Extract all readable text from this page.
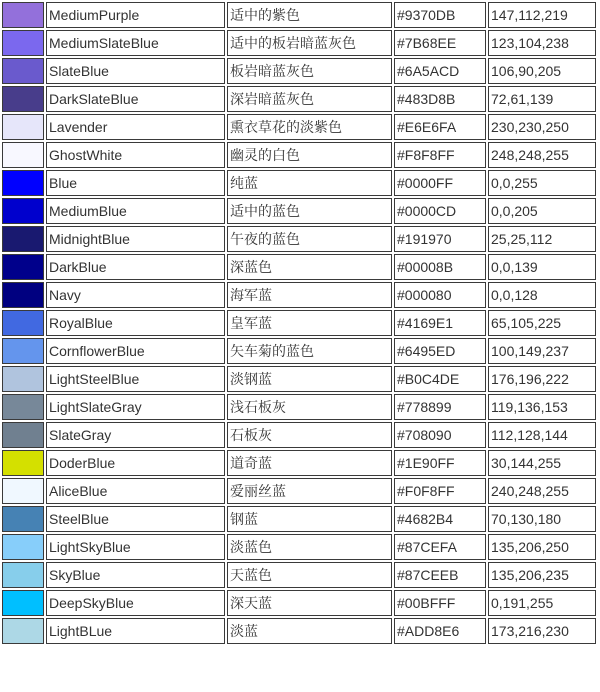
	MediumPurple	适中的紫色	#9370DB	147,112,219
	MediumSlateBlue	适中的板岩暗蓝灰色	#7B68EE	123,104,238
	SlateBlue	板岩暗蓝灰色	#6A5ACD	106,90,205
	DarkSlateBlue	深岩暗蓝灰色	#483D8B	72,61,139
	Lavender	熏衣草花的淡紫色	#E6E6FA	230,230,250
	GhostWhite	幽灵的白色	#F8F8FF	248,248,255
	Blue	纯蓝	#0000FF	0,0,255
	MediumBlue	适中的蓝色	#0000CD	0,0,205
	MidnightBlue	午夜的蓝色	#191970	25,25,112
	DarkBlue	深蓝色	#00008B	0,0,139
	Navy	海军蓝	#000080	0,0,128
	RoyalBlue	皇军蓝	#4169E1	65,105,225
	CornflowerBlue	矢车菊的蓝色	#6495ED	100,149,237
	LightSteelBlue	淡钢蓝	#B0C4DE	176,196,222
	LightSlateGray	浅石板灰	#778899	119,136,153
	SlateGray	石板灰	#708090	112,128,144
	DoderBlue	道奇蓝	#1E90FF	30,144,255
	AliceBlue	爱丽丝蓝	#F0F8FF	240,248,255
	SteelBlue	钢蓝	#4682B4	70,130,180
	LightSkyBlue	淡蓝色	#87CEFA	135,206,250
	SkyBlue	天蓝色	#87CEEB	135,206,235
	DeepSkyBlue	深天蓝	#00BFFF	0,191,255
	LightBLue	淡蓝	#ADD8E6	173,216,230
